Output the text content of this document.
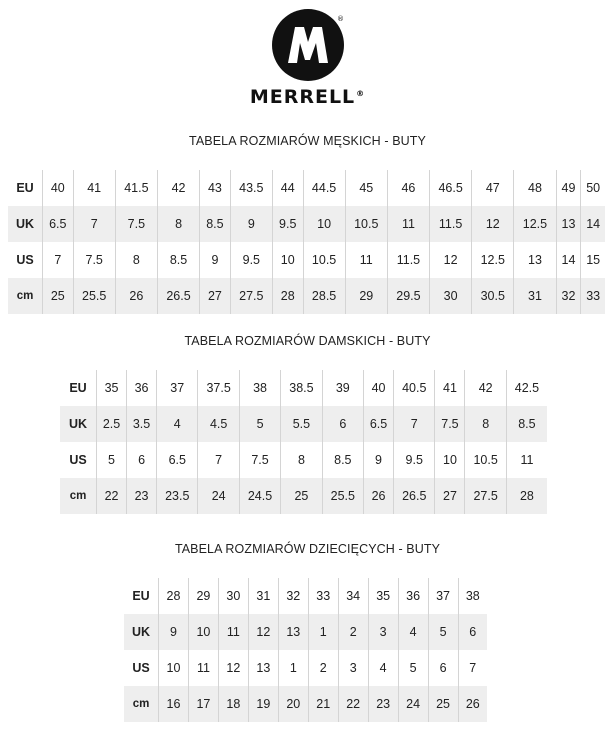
®
MERRELL®
TABELA ROZMIARÓW MĘSKICH - BUTY
EU	40	41	41.5	42	43	43.5	44	44.5	45	46	46.5	47	48	49	50
UK	6.5	7	7.5	8	8.5	9	9.5	10	10.5	11	11.5	12	12.5	13	14
US	7	7.5	8	8.5	9	9.5	10	10.5	11	11.5	12	12.5	13	14	15
cm	25	25.5	26	26.5	27	27.5	28	28.5	29	29.5	30	30.5	31	32	33
TABELA ROZMIARÓW DAMSKICH - BUTY
EU	35	36	37	37.5	38	38.5	39	40	40.5	41	42	42.5
UK	2.5	3.5	4	4.5	5	5.5	6	6.5	7	7.5	8	8.5
US	5	6	6.5	7	7.5	8	8.5	9	9.5	10	10.5	11
cm	22	23	23.5	24	24.5	25	25.5	26	26.5	27	27.5	28
TABELA ROZMIARÓW DZIECIĘCYCH - BUTY
EU	28	29	30	31	32	33	34	35	36	37	38
UK	9	10	11	12	13	1	2	3	4	5	6
US	10	11	12	13	1	2	3	4	5	6	7
cm	16	17	18	19	20	21	22	23	24	25	26
